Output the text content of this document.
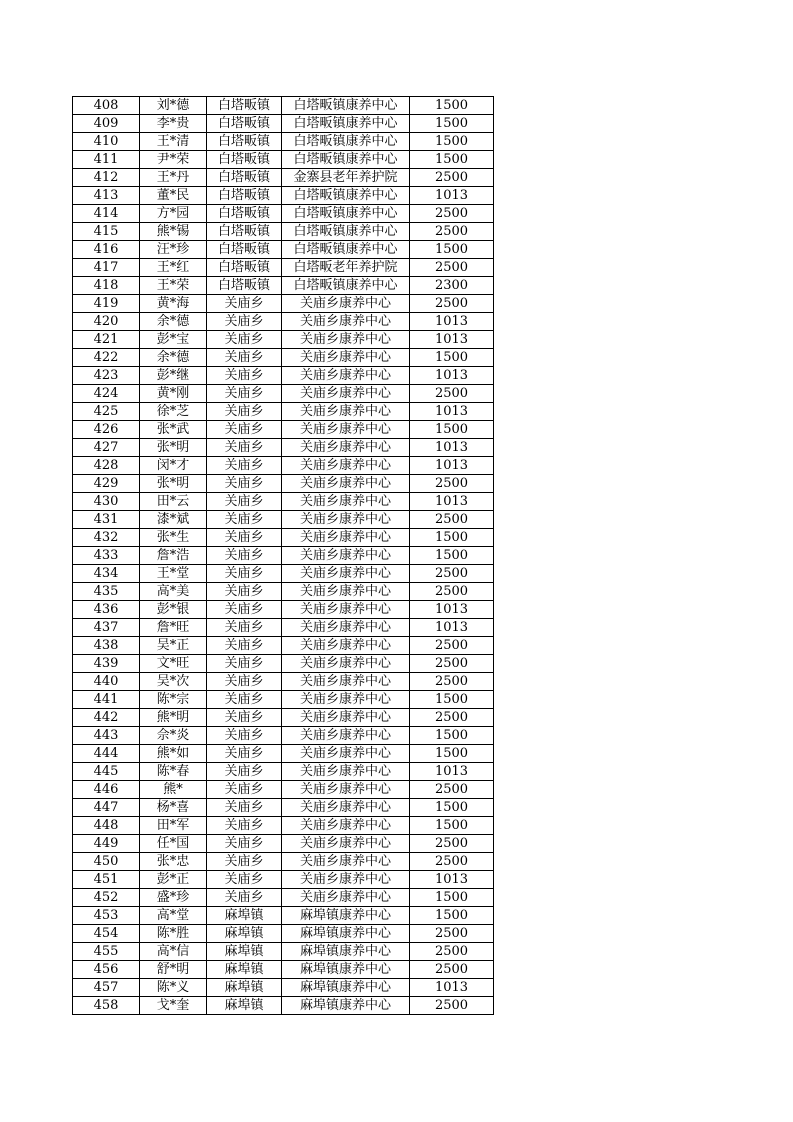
408	刘*德	白塔畈镇	白塔畈镇康养中心	1500
409	李*贵	白塔畈镇	白塔畈镇康养中心	1500
410	王*清	白塔畈镇	白塔畈镇康养中心	1500
411	尹*荣	白塔畈镇	白塔畈镇康养中心	1500
412	王*丹	白塔畈镇	金寨县老年养护院	2500
413	董*民	白塔畈镇	白塔畈镇康养中心	1013
414	方*园	白塔畈镇	白塔畈镇康养中心	2500
415	熊*锡	白塔畈镇	白塔畈镇康养中心	2500
416	汪*珍	白塔畈镇	白塔畈镇康养中心	1500
417	王*红	白塔畈镇	白塔畈老年养护院	2500
418	王*荣	白塔畈镇	白塔畈镇康养中心	2300
419	黄*海	关庙乡	关庙乡康养中心	2500
420	余*德	关庙乡	关庙乡康养中心	1013
421	彭*宝	关庙乡	关庙乡康养中心	1013
422	余*德	关庙乡	关庙乡康养中心	1500
423	彭*继	关庙乡	关庙乡康养中心	1013
424	黄*刚	关庙乡	关庙乡康养中心	2500
425	徐*芝	关庙乡	关庙乡康养中心	1013
426	张*武	关庙乡	关庙乡康养中心	1500
427	张*明	关庙乡	关庙乡康养中心	1013
428	闵*才	关庙乡	关庙乡康养中心	1013
429	张*明	关庙乡	关庙乡康养中心	2500
430	田*云	关庙乡	关庙乡康养中心	1013
431	漆*斌	关庙乡	关庙乡康养中心	2500
432	张*生	关庙乡	关庙乡康养中心	1500
433	詹*浩	关庙乡	关庙乡康养中心	1500
434	王*堂	关庙乡	关庙乡康养中心	2500
435	高*美	关庙乡	关庙乡康养中心	2500
436	彭*银	关庙乡	关庙乡康养中心	1013
437	詹*旺	关庙乡	关庙乡康养中心	1013
438	吴*正	关庙乡	关庙乡康养中心	2500
439	文*旺	关庙乡	关庙乡康养中心	2500
440	吴*次	关庙乡	关庙乡康养中心	2500
441	陈*宗	关庙乡	关庙乡康养中心	1500
442	熊*明	关庙乡	关庙乡康养中心	2500
443	佘*炎	关庙乡	关庙乡康养中心	1500
444	熊*如	关庙乡	关庙乡康养中心	1500
445	陈*春	关庙乡	关庙乡康养中心	1013
446	熊*	关庙乡	关庙乡康养中心	2500
447	杨*喜	关庙乡	关庙乡康养中心	1500
448	田*军	关庙乡	关庙乡康养中心	1500
449	任*国	关庙乡	关庙乡康养中心	2500
450	张*忠	关庙乡	关庙乡康养中心	2500
451	彭*正	关庙乡	关庙乡康养中心	1013
452	盛*珍	关庙乡	关庙乡康养中心	1500
453	高*堂	麻埠镇	麻埠镇康养中心	1500
454	陈*胜	麻埠镇	麻埠镇康养中心	2500
455	高*信	麻埠镇	麻埠镇康养中心	2500
456	舒*明	麻埠镇	麻埠镇康养中心	2500
457	陈*义	麻埠镇	麻埠镇康养中心	1013
458	戈*奎	麻埠镇	麻埠镇康养中心	2500
